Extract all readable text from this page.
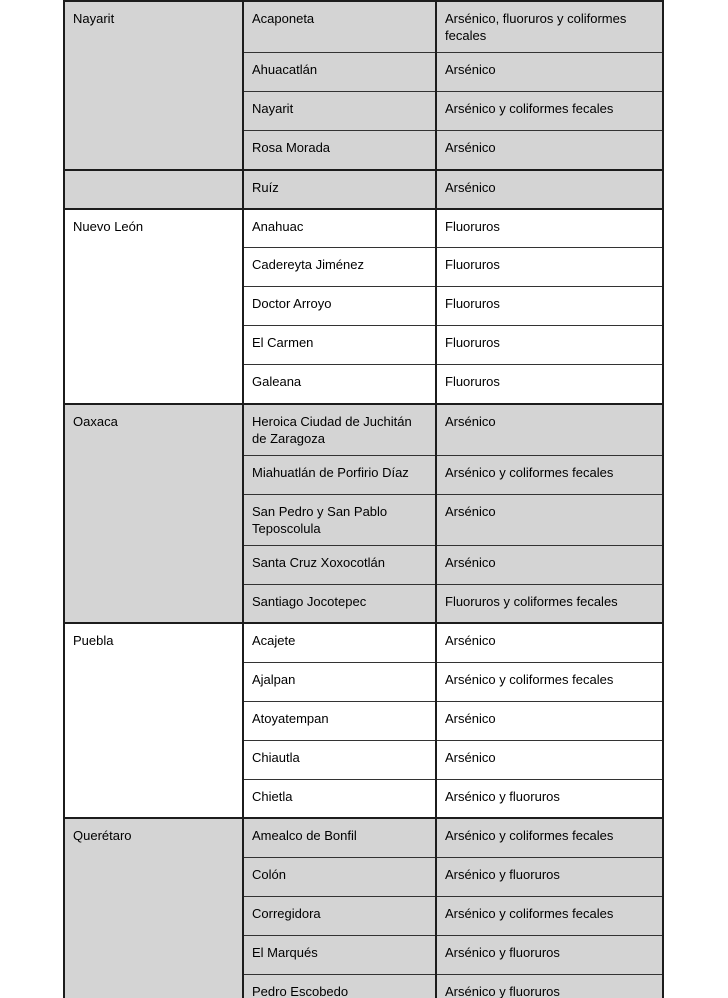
Nayarit	Acaponeta	Arsénico, fluoruros y coliformes fecales
	Ahuacatlán	Arsénico
	Nayarit	Arsénico y coliformes fecales
	Rosa Morada	Arsénico
	Ruíz	Arsénico
Nuevo León	Anahuac	Fluoruros
	Cadereyta Jiménez	Fluoruros
	Doctor Arroyo	Fluoruros
	El Carmen	Fluoruros
	Galeana	Fluoruros
Oaxaca	Heroica Ciudad de Juchitán de Zaragoza	Arsénico
	Miahuatlán de Porfirio Díaz	Arsénico y coliformes fecales
	San Pedro y San Pablo Teposcolula	Arsénico
	Santa Cruz Xoxocotlán	Arsénico
	Santiago Jocotepec	Fluoruros y coliformes fecales
Puebla	Acajete	Arsénico
	Ajalpan	Arsénico y coliformes fecales
	Atoyatempan	Arsénico
	Chiautla	Arsénico
	Chietla	Arsénico y fluoruros
Querétaro	Amealco de Bonfil	Arsénico y coliformes fecales
	Colón	Arsénico y fluoruros
	Corregidora	Arsénico y coliformes fecales
	El Marqués	Arsénico y fluoruros
	Pedro Escobedo	Arsénico y fluoruros
